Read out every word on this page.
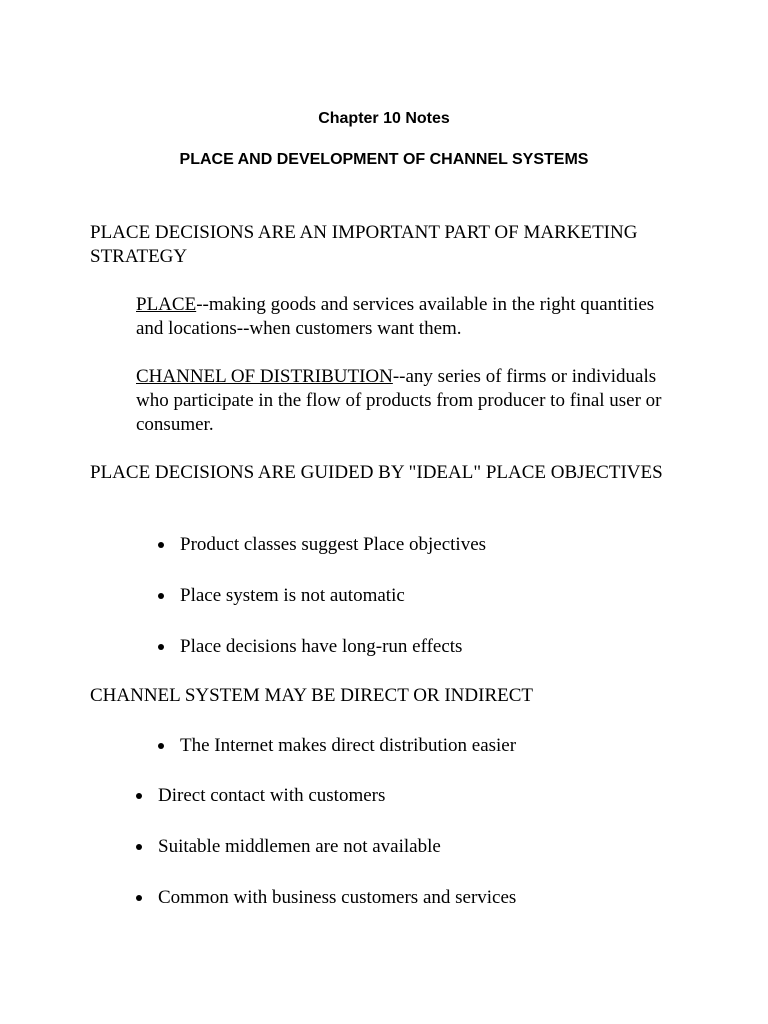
Chapter 10 Notes
PLACE AND DEVELOPMENT OF CHANNEL SYSTEMS
PLACE DECISIONS ARE AN IMPORTANT PART OF MARKETING STRATEGY
PLACE--making goods and services available in the right quantities and locations--when customers want them.
CHANNEL OF DISTRIBUTION--any series of firms or individuals who participate in the flow of products from producer to final user or consumer.
PLACE DECISIONS ARE GUIDED BY "IDEAL" PLACE OBJECTIVES
Product classes suggest Place objectives
Place system is not automatic
Place decisions have long-run effects
CHANNEL SYSTEM MAY BE DIRECT OR INDIRECT
The Internet makes direct distribution easier
Direct contact with customers
Suitable middlemen are not available
Common with business customers and services
